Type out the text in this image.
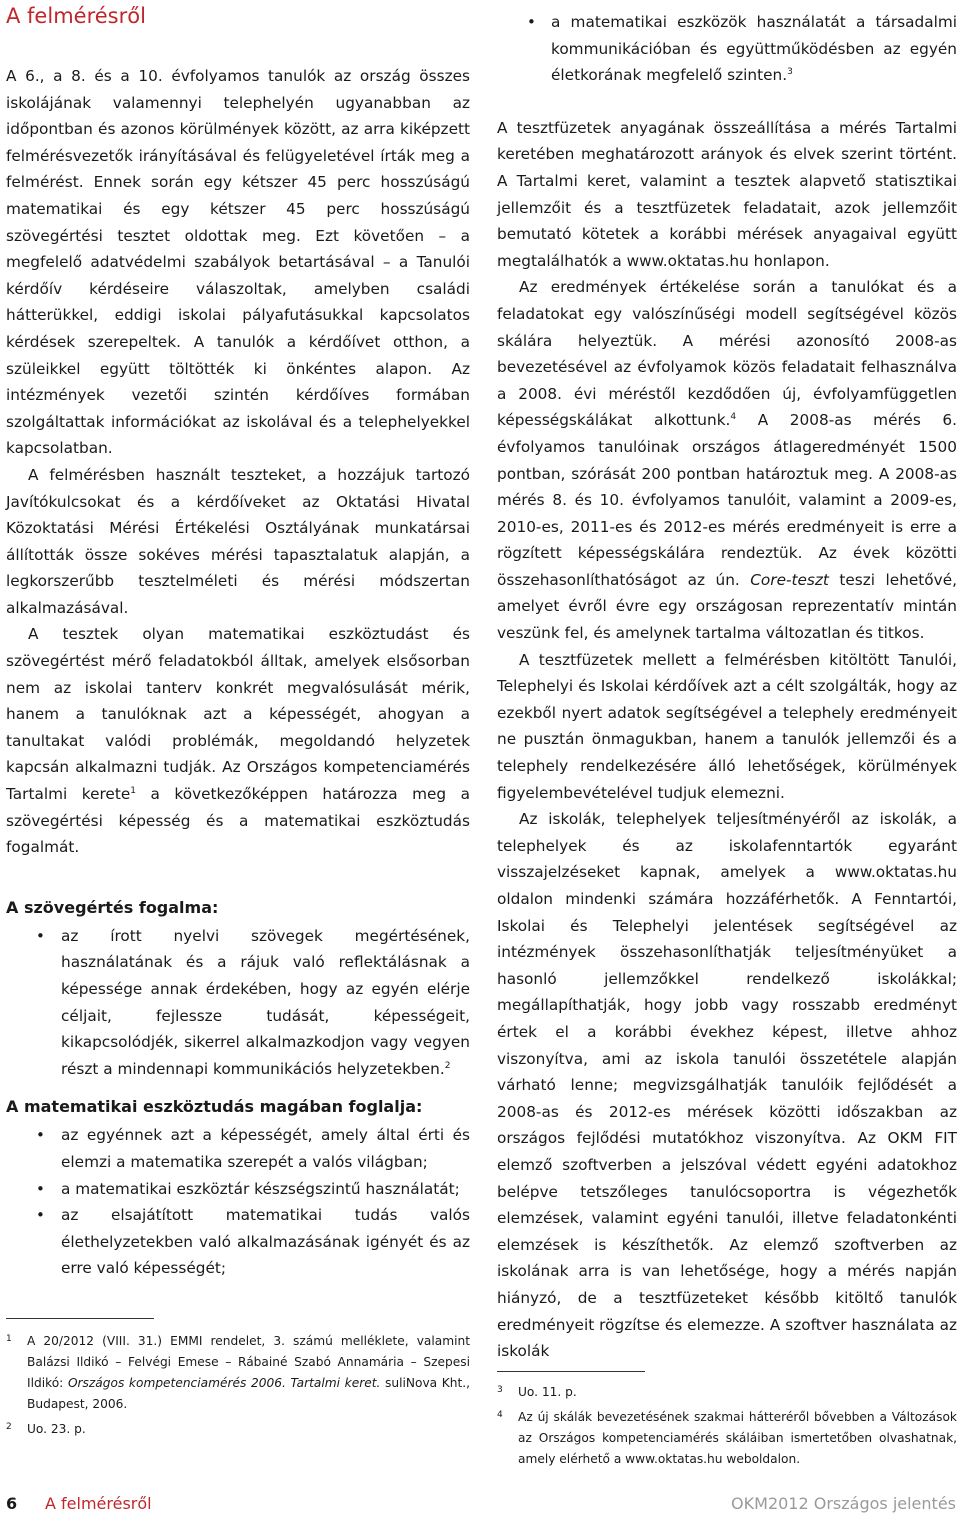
A felmérésről

A 6., a 8. és a 10. évfolyamos tanulók az ország összes iskolájának valamennyi telephelyén ugyanabban az időpontban és azonos körülmények között, az arra kiképzett felmérésvezetők irányításával és felügyeletével írták meg a felmérést. Ennek során egy kétszer 45 perc hosszúságú matematikai és egy kétszer 45 perc hosszúságú szövegértési tesztet oldottak meg. Ezt követően – a megfelelő adatvédelmi szabályok betartásával – a Tanulói kérdőív kérdéseire válaszoltak, amelyben családi hátterükkel, eddigi iskolai pályafutásukkal kapcsolatos kérdések szerepeltek. A tanulók a kérdőívet otthon, a szüleikkel együtt töltötték ki önkéntes alapon. Az intézmények vezetői szintén kérdőíves formában szolgáltattak információkat az iskolával és a telephelyekkel kapcsolatban.

A felmérésben használt teszteket, a hozzájuk tartozó Javítókulcsokat és a kérdőíveket az Oktatási Hivatal Közoktatási Mérési Értékelési Osztályának munkatársai állították össze sokéves mérési tapasztalatuk alapján, a legkorszerűbb tesztelméleti és mérési módszertan alkalmazásával.

A tesztek olyan matematikai eszköztudást és szövegértést mérő feladatokból álltak, amelyek elsősorban nem az iskolai tanterv konkrét megvalósulását mérik, hanem a tanulóknak azt a képességét, ahogyan a tanultakat valódi problémák, megoldandó helyzetek kapcsán alkalmazni tudják. Az Országos kompetenciamérés Tartalmi kerete$^1$ a következőképpen határozza meg a szövegértési képesség és a matematikai eszköztudás fogalmát.

A szövegértés fogalma:
• az írott nyelvi szövegek megértésének, használatának és a rájuk való reflektálásnak a képessége annak érdekében, hogy az egyén elérje céljait, fejlessze tudását, képességeit, kikapcsolódjék, sikerrel alkalmazkodjon vagy vegyen részt a mindennapi kommunikációs helyzetekben.$^2$
A matematikai eszköztudás magában foglalja:
• az egyénnek azt a képességét, amely által érti és elemzi a matematika szerepét a valós világban;
• a matematikai eszköztár készségszintű használatát;
• az elsajátított matematikai tudás valós élethelyzetekben való alkalmazásának igényét és az erre való képességét;
1 A 20/2012 (VIII. 31.) EMMI rendelet, 3. számú melléklete, valamint Balázsi Ildikó – Felvégi Emese – Rábainé Szabó Annamária – Szepesi Ildikó: Országos kompetenciamérés 2006. Tartalmi keret. suliNova Kht., Budapest, 2006.
2 Uo. 23. p.
• a matematikai eszközök használatát a társadalmi kommunikációban és együttműködésben az egyén életkorának megfelelő szinten.$^3$

A tesztfüzetek anyagának összeállítása a mérés Tartalmi keretében meghatározott arányok és elvek szerint történt. A Tartalmi keret, valamint a tesztek alapvető statisztikai jellemzőit és a tesztfüzetek feladatait, azok jellemzőit bemutató kötetek a korábbi mérések anyagaival együtt megtalálhatók a www.oktatas.hu honlapon.

Az eredmények értékelése során a tanulókat és a feladatokat egy valószínűségi modell segítségével közös skálára helyeztük. A mérési azonosító 2008-as bevezetésével az évfolyamok közös feladatait felhasználva a 2008. évi méréstől kezdődően új, évfolyamfüggetlen képességskálákat alkottunk.$^4$ A 2008-as mérés 6. évfolyamos tanulóinak országos átlageredményét 1500 pontban, szórását 200 pontban határoztuk meg. A 2008-as mérés 8. és 10. évfolyamos tanulóit, valamint a 2009-es, 2010-es, 2011-es és 2012-es mérés eredményeit is erre a rögzített képességskálára rendeztük. Az évek közötti összehasonlíthatóságot az ún. Core-teszt teszi lehetővé, amelyet évről évre egy országosan reprezentatív mintán veszünk fel, és amelynek tartalma változatlan és titkos.

A tesztfüzetek mellett a felmérésben kitöltött Tanulói, Telephelyi és Iskolai kérdőívek azt a célt szolgálták, hogy az ezekből nyert adatok segítségével a telephely eredményeit ne pusztán önmagukban, hanem a tanulók jellemzői és a telephely rendelkezésére álló lehetőségek, körülmények figyelembevételével tudjuk elemezni.

Az iskolák, telephelyek teljesítményéről az iskolák, a telephelyek és az iskolafenntartók egyaránt visszajelzéseket kapnak, amelyek a www.oktatas.hu oldalon mindenki számára hozzáférhetők. A Fenntartói, Iskolai és Telephelyi jelentések segítségével az intézmények összehasonlíthatják teljesítményüket a hasonló jellemzőkkel rendelkező iskolákkal; megállapíthatják, hogy jobb vagy rosszabb eredményt értek el a korábbi évekhez képest, illetve ahhoz viszonyítva, ami az iskola tanulói összetétele alapján várható lenne; megvizsgálhatják tanulóik fejlődését a 2008-as és 2012-es mérések közötti időszakban az országos fejlődési mutatókhoz viszonyítva. Az OKM FIT elemző szoftverben a jelszóval védett egyéni adatokhoz belépve tetszőleges tanulócsoportra is végezhetők elemzések, valamint egyéni tanulói, illetve feladatonkénti elemzések is készíthetők. Az elemző szoftverben az iskolának arra is van lehetősége, hogy a mérés napján hiányzó, de a tesztfüzeteket később kitöltő tanulók eredményeit rögzítse és elemezze. A szoftver használata az iskolák

3 Uo. 11. p.
4 Az új skálák bevezetésének szakmai hátteréről bővebben a Változások az Országos kompetenciamérés skáláiban ismertetőben olvashatnak, amely elérhető a www.oktatas.hu weboldalon.
6 A felmérésről	OKM2012 Országos jelentés
